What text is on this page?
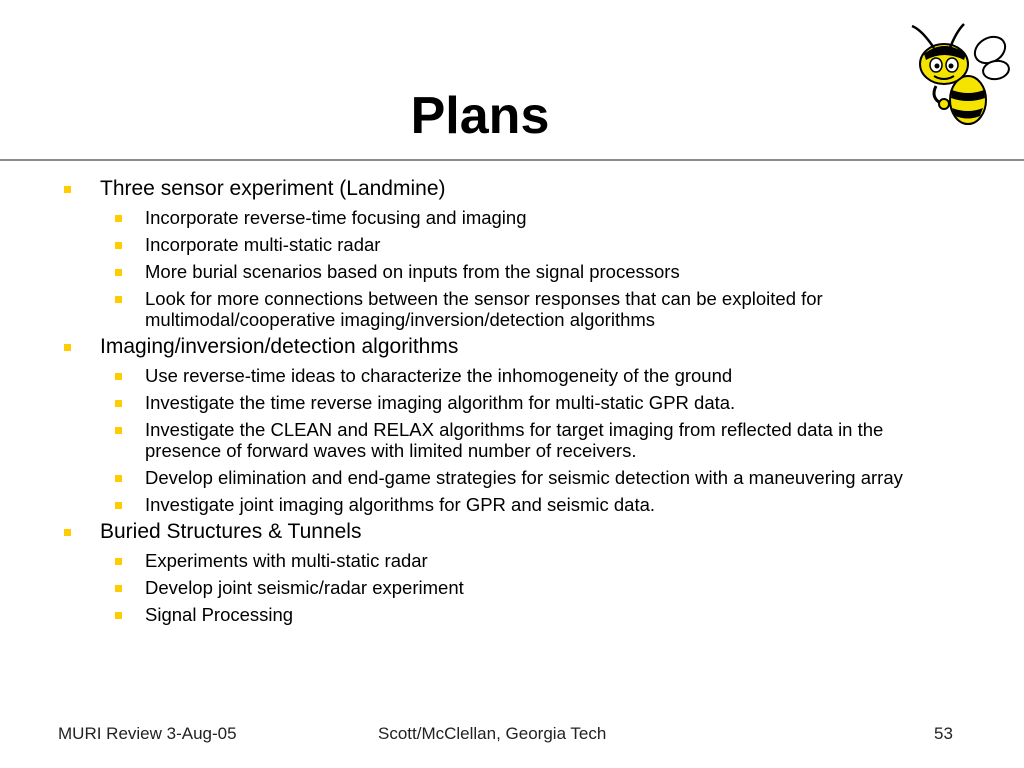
Plans
Three sensor experiment (Landmine)
Incorporate reverse-time focusing and imaging
Incorporate multi-static radar
More burial scenarios based on inputs from the signal processors
Look for more connections between the sensor responses that can be exploited for multimodal/cooperative imaging/inversion/detection algorithms
Imaging/inversion/detection algorithms
Use reverse-time ideas to characterize the inhomogeneity of the ground
Investigate the time reverse imaging algorithm for multi-static GPR data.
Investigate the CLEAN and RELAX algorithms for target imaging from reflected data in the presence of forward waves with limited number of receivers.
Develop elimination and end-game strategies for seismic detection with a maneuvering array
Investigate joint imaging algorithms for GPR and seismic data.
Buried Structures & Tunnels
Experiments with multi-static radar
Develop joint seismic/radar experiment
Signal Processing
MURI Review 3-Aug-05	Scott/McClellan, Georgia Tech	53
